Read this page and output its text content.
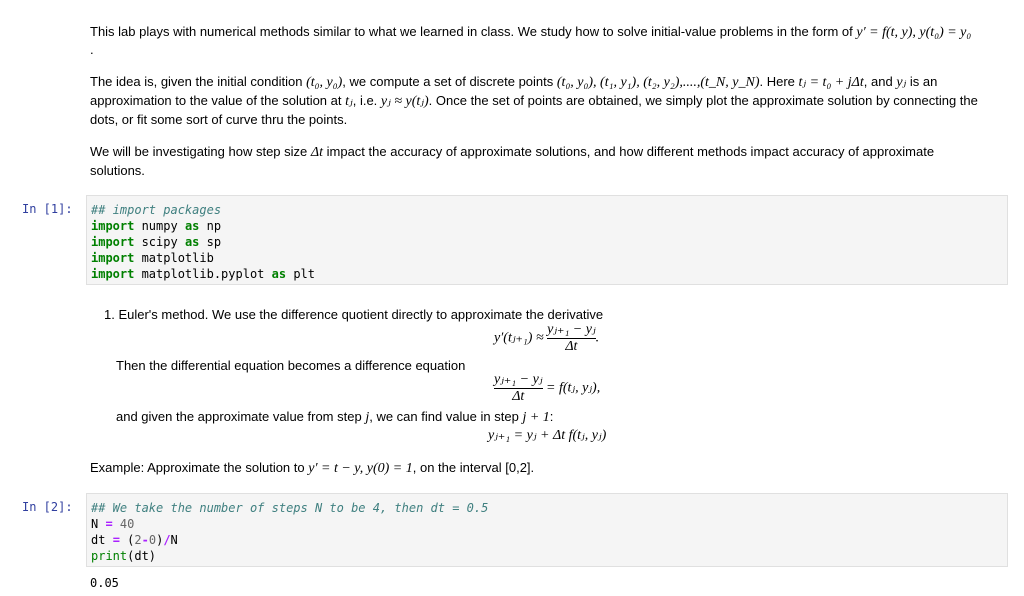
This lab plays with numerical methods similar to what we learned in class. We study how to solve initial-value problems in the form of y′ = f(t, y), y(t₀) = y₀
.
The idea is, given the initial condition (t₀, y₀), we compute a set of discrete points (t₀, y₀), (t₁, y₁), (t₂, y₂),....,(t_N, y_N). Here tⱼ = t₀ + jΔt, and yⱼ is an
approximation to the value of the solution at tⱼ, i.e. yⱼ ≈ y(tⱼ). Once the set of points are obtained, we simply plot the approximate solution by connecting the
dots, or fit some sort of curve thru the points.
We will be investigating how step size Δt impact the accuracy of approximate solutions, and how different methods impact accuracy of approximate
solutions.
In [1]: ## import packages
import numpy as np
import scipy as sp
import matplotlib
import matplotlib.pyplot as plt
1. Euler's method. We use the difference quotient directly to approximate the derivative
y′(tⱼ₊₁) ≈ $\frac{\text{yⱼ₊₁ − yⱼ}}{\Delta t}$ .
Then the differential equation becomes a difference equation
$\frac{\text{yⱼ₊₁ − yⱼ}}{\Delta t}$ = f(tⱼ, yⱼ),
and given the approximate value from step j, we can find value in step j + 1:
yⱼ₊₁ = yⱼ + Δt f(tⱼ, yⱼ)
Example: Approximate the solution to y′ = t − y, y(0) = 1, on the interval [0,2].
In [2]: ## We take the number of steps N to be 4, then dt = 0.5
N = 40
dt = (2-0)/N
print(dt)
0.05
